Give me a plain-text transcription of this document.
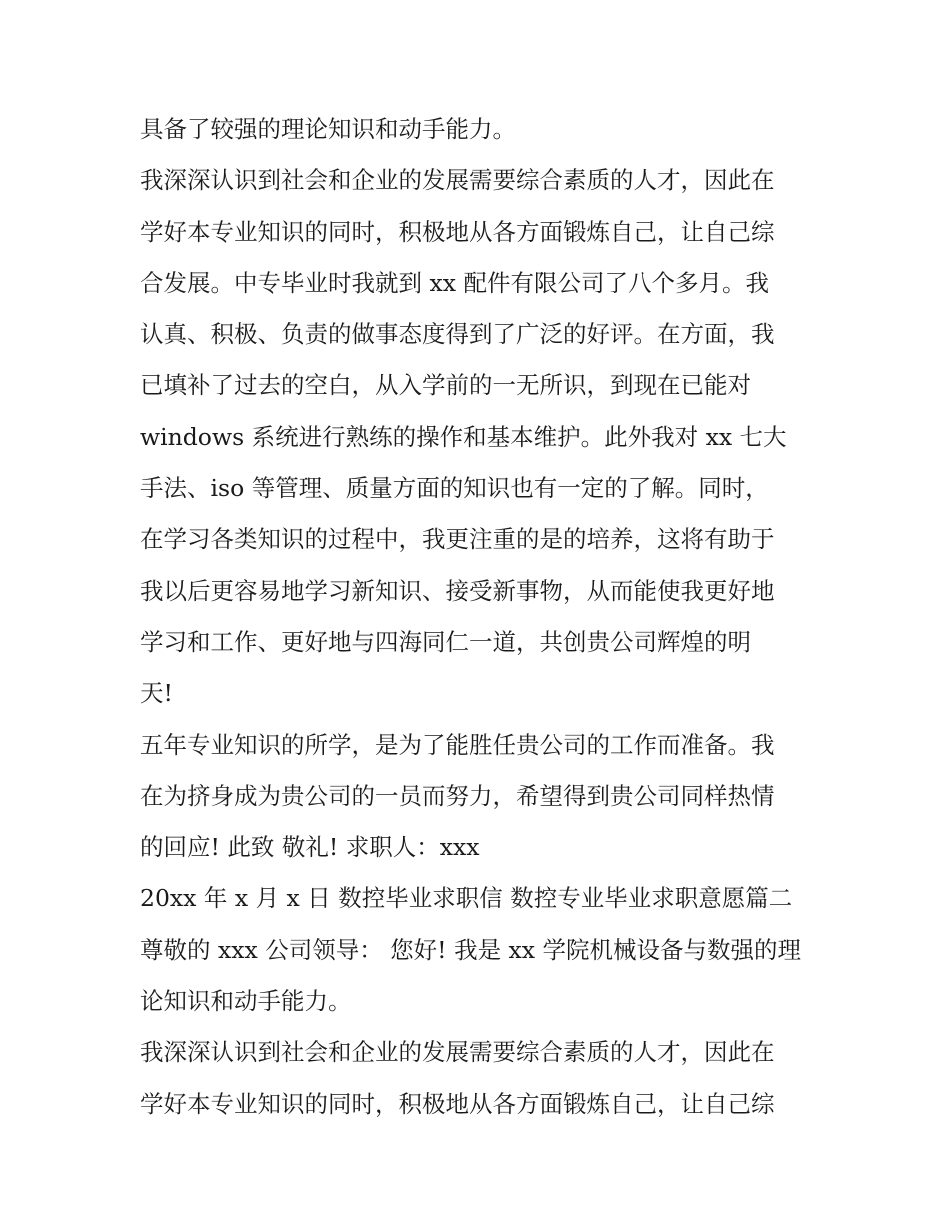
具备了较强的理论知识和动手能力。
我深深认识到社会和企业的发展需要综合素质的人才，因此在
学好本专业知识的同时，积极地从各方面锻炼自己，让自己综
合发展。中专毕业时我就到 xx 配件有限公司了八个多月。我
认真、积极、负责的做事态度得到了广泛的好评。在方面，我
已填补了过去的空白，从入学前的一无所识，到现在已能对
windows 系统进行熟练的操作和基本维护。此外我对 xx 七大
手法、iso 等管理、质量方面的知识也有一定的了解。同时，
在学习各类知识的过程中，我更注重的是的培养，这将有助于
我以后更容易地学习新知识、接受新事物，从而能使我更好地
学习和工作、更好地与四海同仁一道，共创贵公司辉煌的明
天!
五年专业知识的所学，是为了能胜任贵公司的工作而准备。我
在为挤身成为贵公司的一员而努力，希望得到贵公司同样热情
的回应! 此致 敬礼! 求职人：xxx
20xx 年 x 月 x 日 数控毕业求职信 数控专业毕业求职意愿篇二
尊敬的 xxx 公司领导： 您好! 我是 xx 学院机械设备与数强的理
论知识和动手能力。
我深深认识到社会和企业的发展需要综合素质的人才，因此在
学好本专业知识的同时，积极地从各方面锻炼自己，让自己综
